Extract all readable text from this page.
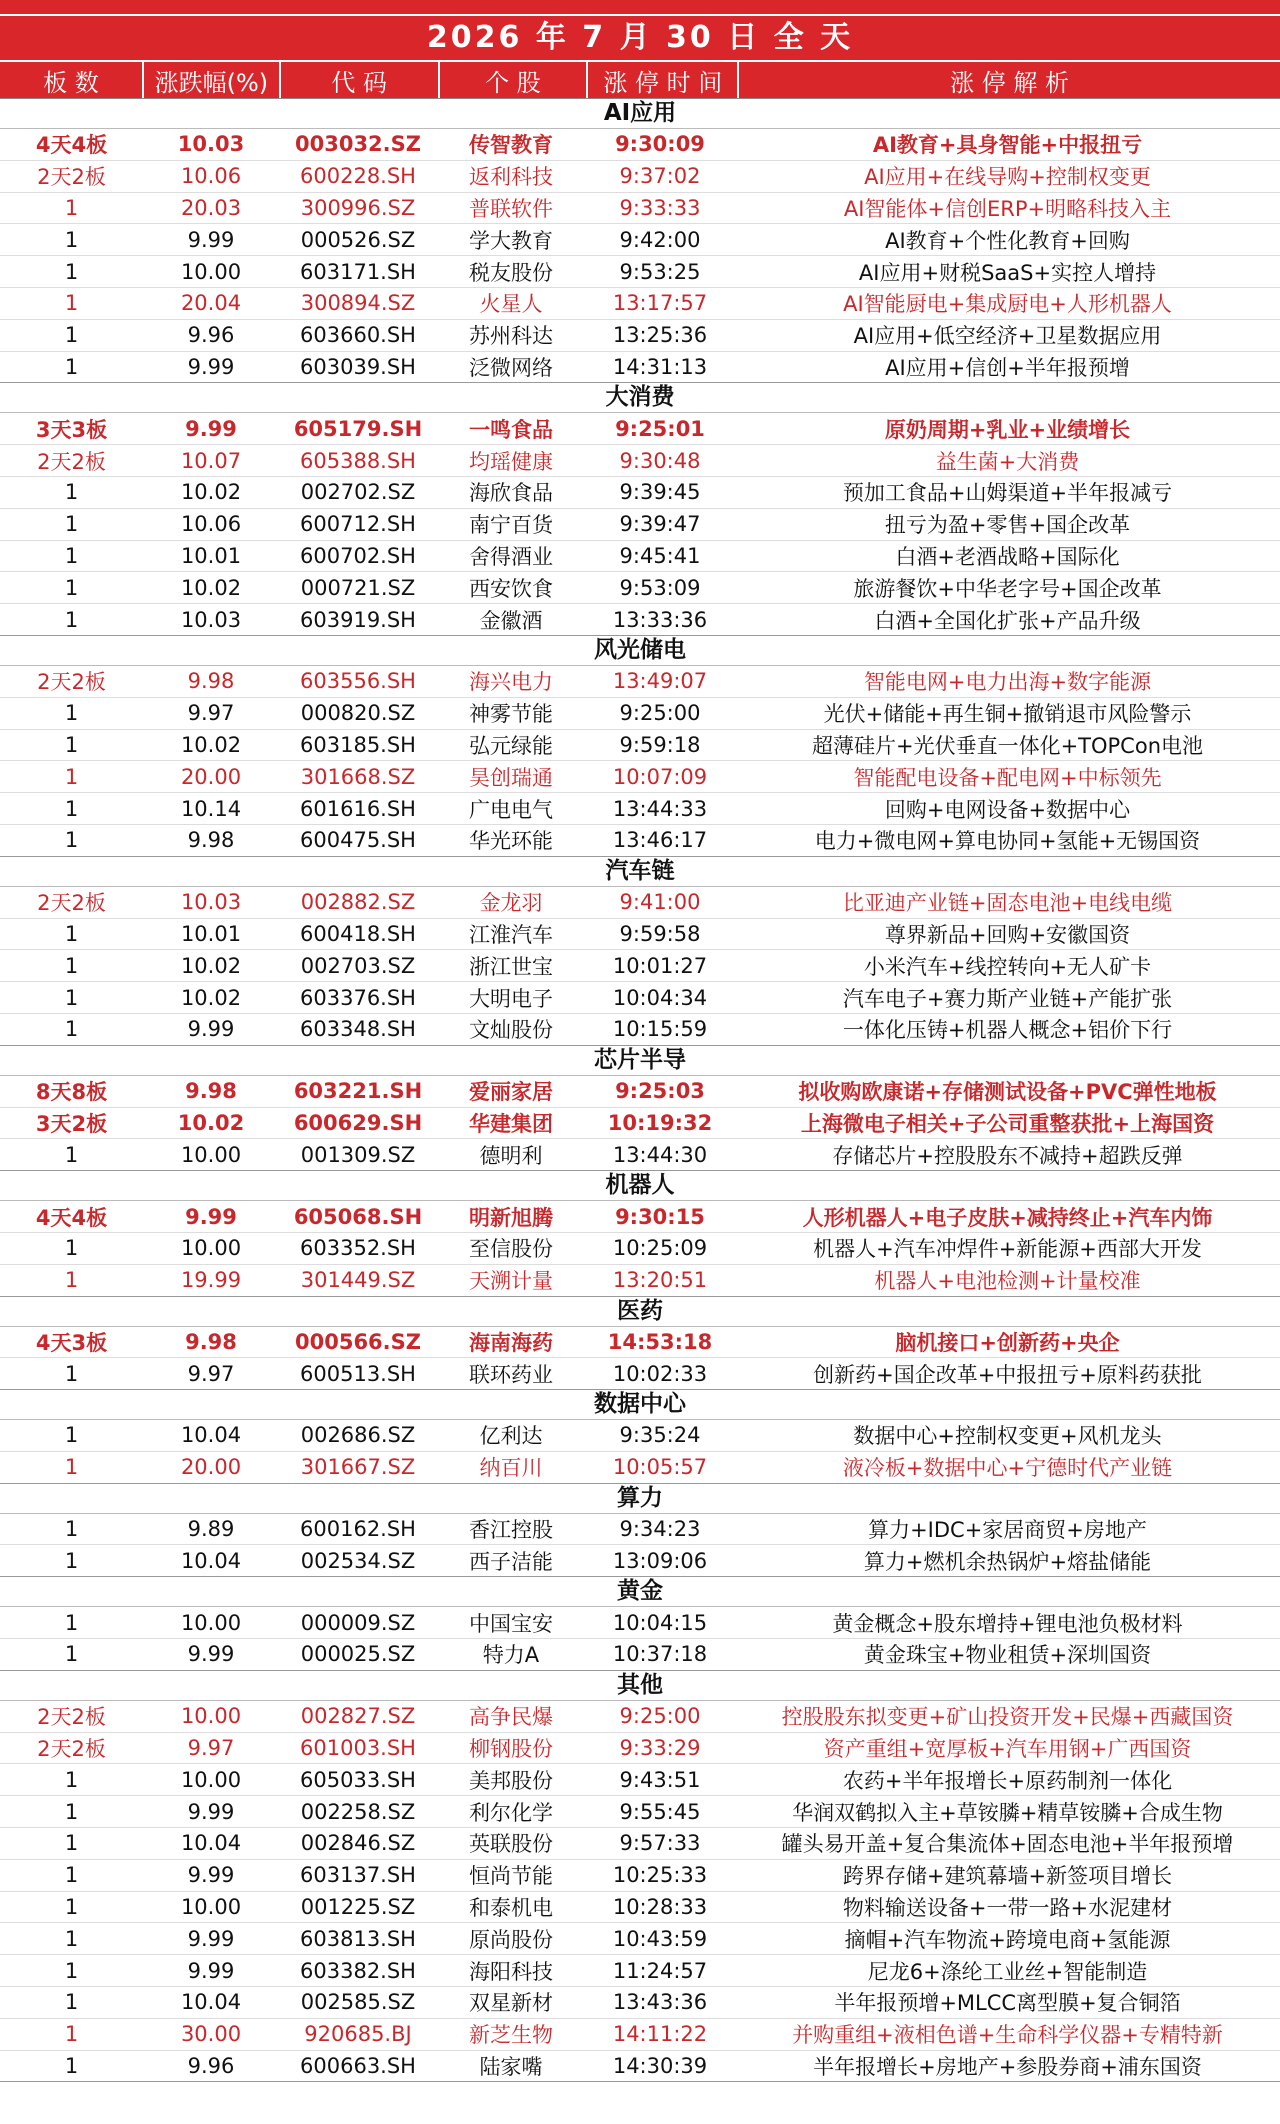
2026 年 7 月 30 日 全 天
板 数	涨跌幅(%)	代 码	个 股	涨 停 时 间	涨 停 解 析
AI应用
4天4板	10.03	003032.SZ	传智教育	9:30:09	AI教育+具身智能+中报扭亏
2天2板	10.06	600228.SH	返利科技	9:37:02	AI应用+在线导购+控制权变更
1	20.03	300996.SZ	普联软件	9:33:33	AI智能体+信创ERP+明略科技入主
1	9.99	000526.SZ	学大教育	9:42:00	AI教育+个性化教育+回购
1	10.00	603171.SH	税友股份	9:53:25	AI应用+财税SaaS+实控人增持
1	20.04	300894.SZ	火星人	13:17:57	AI智能厨电+集成厨电+人形机器人
1	9.96	603660.SH	苏州科达	13:25:36	AI应用+低空经济+卫星数据应用
1	9.99	603039.SH	泛微网络	14:31:13	AI应用+信创+半年报预增
大消费
3天3板	9.99	605179.SH	一鸣食品	9:25:01	原奶周期+乳业+业绩增长
2天2板	10.07	605388.SH	均瑶健康	9:30:48	益生菌+大消费
1	10.02	002702.SZ	海欣食品	9:39:45	预加工食品+山姆渠道+半年报减亏
1	10.06	600712.SH	南宁百货	9:39:47	扭亏为盈+零售+国企改革
1	10.01	600702.SH	舍得酒业	9:45:41	白酒+老酒战略+国际化
1	10.02	000721.SZ	西安饮食	9:53:09	旅游餐饮+中华老字号+国企改革
1	10.03	603919.SH	金徽酒	13:33:36	白酒+全国化扩张+产品升级
风光储电
2天2板	9.98	603556.SH	海兴电力	13:49:07	智能电网+电力出海+数字能源
1	9.97	000820.SZ	神雾节能	9:25:00	光伏+储能+再生铜+撤销退市风险警示
1	10.02	603185.SH	弘元绿能	9:59:18	超薄硅片+光伏垂直一体化+TOPCon电池
1	20.00	301668.SZ	昊创瑞通	10:07:09	智能配电设备+配电网+中标领先
1	10.14	601616.SH	广电电气	13:44:33	回购+电网设备+数据中心
1	9.98	600475.SH	华光环能	13:46:17	电力+微电网+算电协同+氢能+无锡国资
汽车链
2天2板	10.03	002882.SZ	金龙羽	9:41:00	比亚迪产业链+固态电池+电线电缆
1	10.01	600418.SH	江淮汽车	9:59:58	尊界新品+回购+安徽国资
1	10.02	002703.SZ	浙江世宝	10:01:27	小米汽车+线控转向+无人矿卡
1	10.02	603376.SH	大明电子	10:04:34	汽车电子+赛力斯产业链+产能扩张
1	9.99	603348.SH	文灿股份	10:15:59	一体化压铸+机器人概念+铝价下行
芯片半导
8天8板	9.98	603221.SH	爱丽家居	9:25:03	拟收购欧康诺+存储测试设备+PVC弹性地板
3天2板	10.02	600629.SH	华建集团	10:19:32	上海微电子相关+子公司重整获批+上海国资
1	10.00	001309.SZ	德明利	13:44:30	存储芯片+控股股东不减持+超跌反弹
机器人
4天4板	9.99	605068.SH	明新旭腾	9:30:15	人形机器人+电子皮肤+减持终止+汽车内饰
1	10.00	603352.SH	至信股份	10:25:09	机器人+汽车冲焊件+新能源+西部大开发
1	19.99	301449.SZ	天溯计量	13:20:51	机器人+电池检测+计量校准
医药
4天3板	9.98	000566.SZ	海南海药	14:53:18	脑机接口+创新药+央企
1	9.97	600513.SH	联环药业	10:02:33	创新药+国企改革+中报扭亏+原料药获批
数据中心
1	10.04	002686.SZ	亿利达	9:35:24	数据中心+控制权变更+风机龙头
1	20.00	301667.SZ	纳百川	10:05:57	液冷板+数据中心+宁德时代产业链
算力
1	9.89	600162.SH	香江控股	9:34:23	算力+IDC+家居商贸+房地产
1	10.04	002534.SZ	西子洁能	13:09:06	算力+燃机余热锅炉+熔盐储能
黄金
1	10.00	000009.SZ	中国宝安	10:04:15	黄金概念+股东增持+锂电池负极材料
1	9.99	000025.SZ	特力A	10:37:18	黄金珠宝+物业租赁+深圳国资
其他
2天2板	10.00	002827.SZ	高争民爆	9:25:00	控股股东拟变更+矿山投资开发+民爆+西藏国资
2天2板	9.97	601003.SH	柳钢股份	9:33:29	资产重组+宽厚板+汽车用钢+广西国资
1	10.00	605033.SH	美邦股份	9:43:51	农药+半年报增长+原药制剂一体化
1	9.99	002258.SZ	利尔化学	9:55:45	华润双鹤拟入主+草铵膦+精草铵膦+合成生物
1	10.04	002846.SZ	英联股份	9:57:33	罐头易开盖+复合集流体+固态电池+半年报预增
1	9.99	603137.SH	恒尚节能	10:25:33	跨界存储+建筑幕墙+新签项目增长
1	10.00	001225.SZ	和泰机电	10:28:33	物料输送设备+一带一路+水泥建材
1	9.99	603813.SH	原尚股份	10:43:59	摘帽+汽车物流+跨境电商+氢能源
1	9.99	603382.SH	海阳科技	11:24:57	尼龙6+涤纶工业丝+智能制造
1	10.04	002585.SZ	双星新材	13:43:36	半年报预增+MLCC离型膜+复合铜箔
1	30.00	920685.BJ	新芝生物	14:11:22	并购重组+液相色谱+生命科学仪器+专精特新
1	9.96	600663.SH	陆家嘴	14:30:39	半年报增长+房地产+参股券商+浦东国资
